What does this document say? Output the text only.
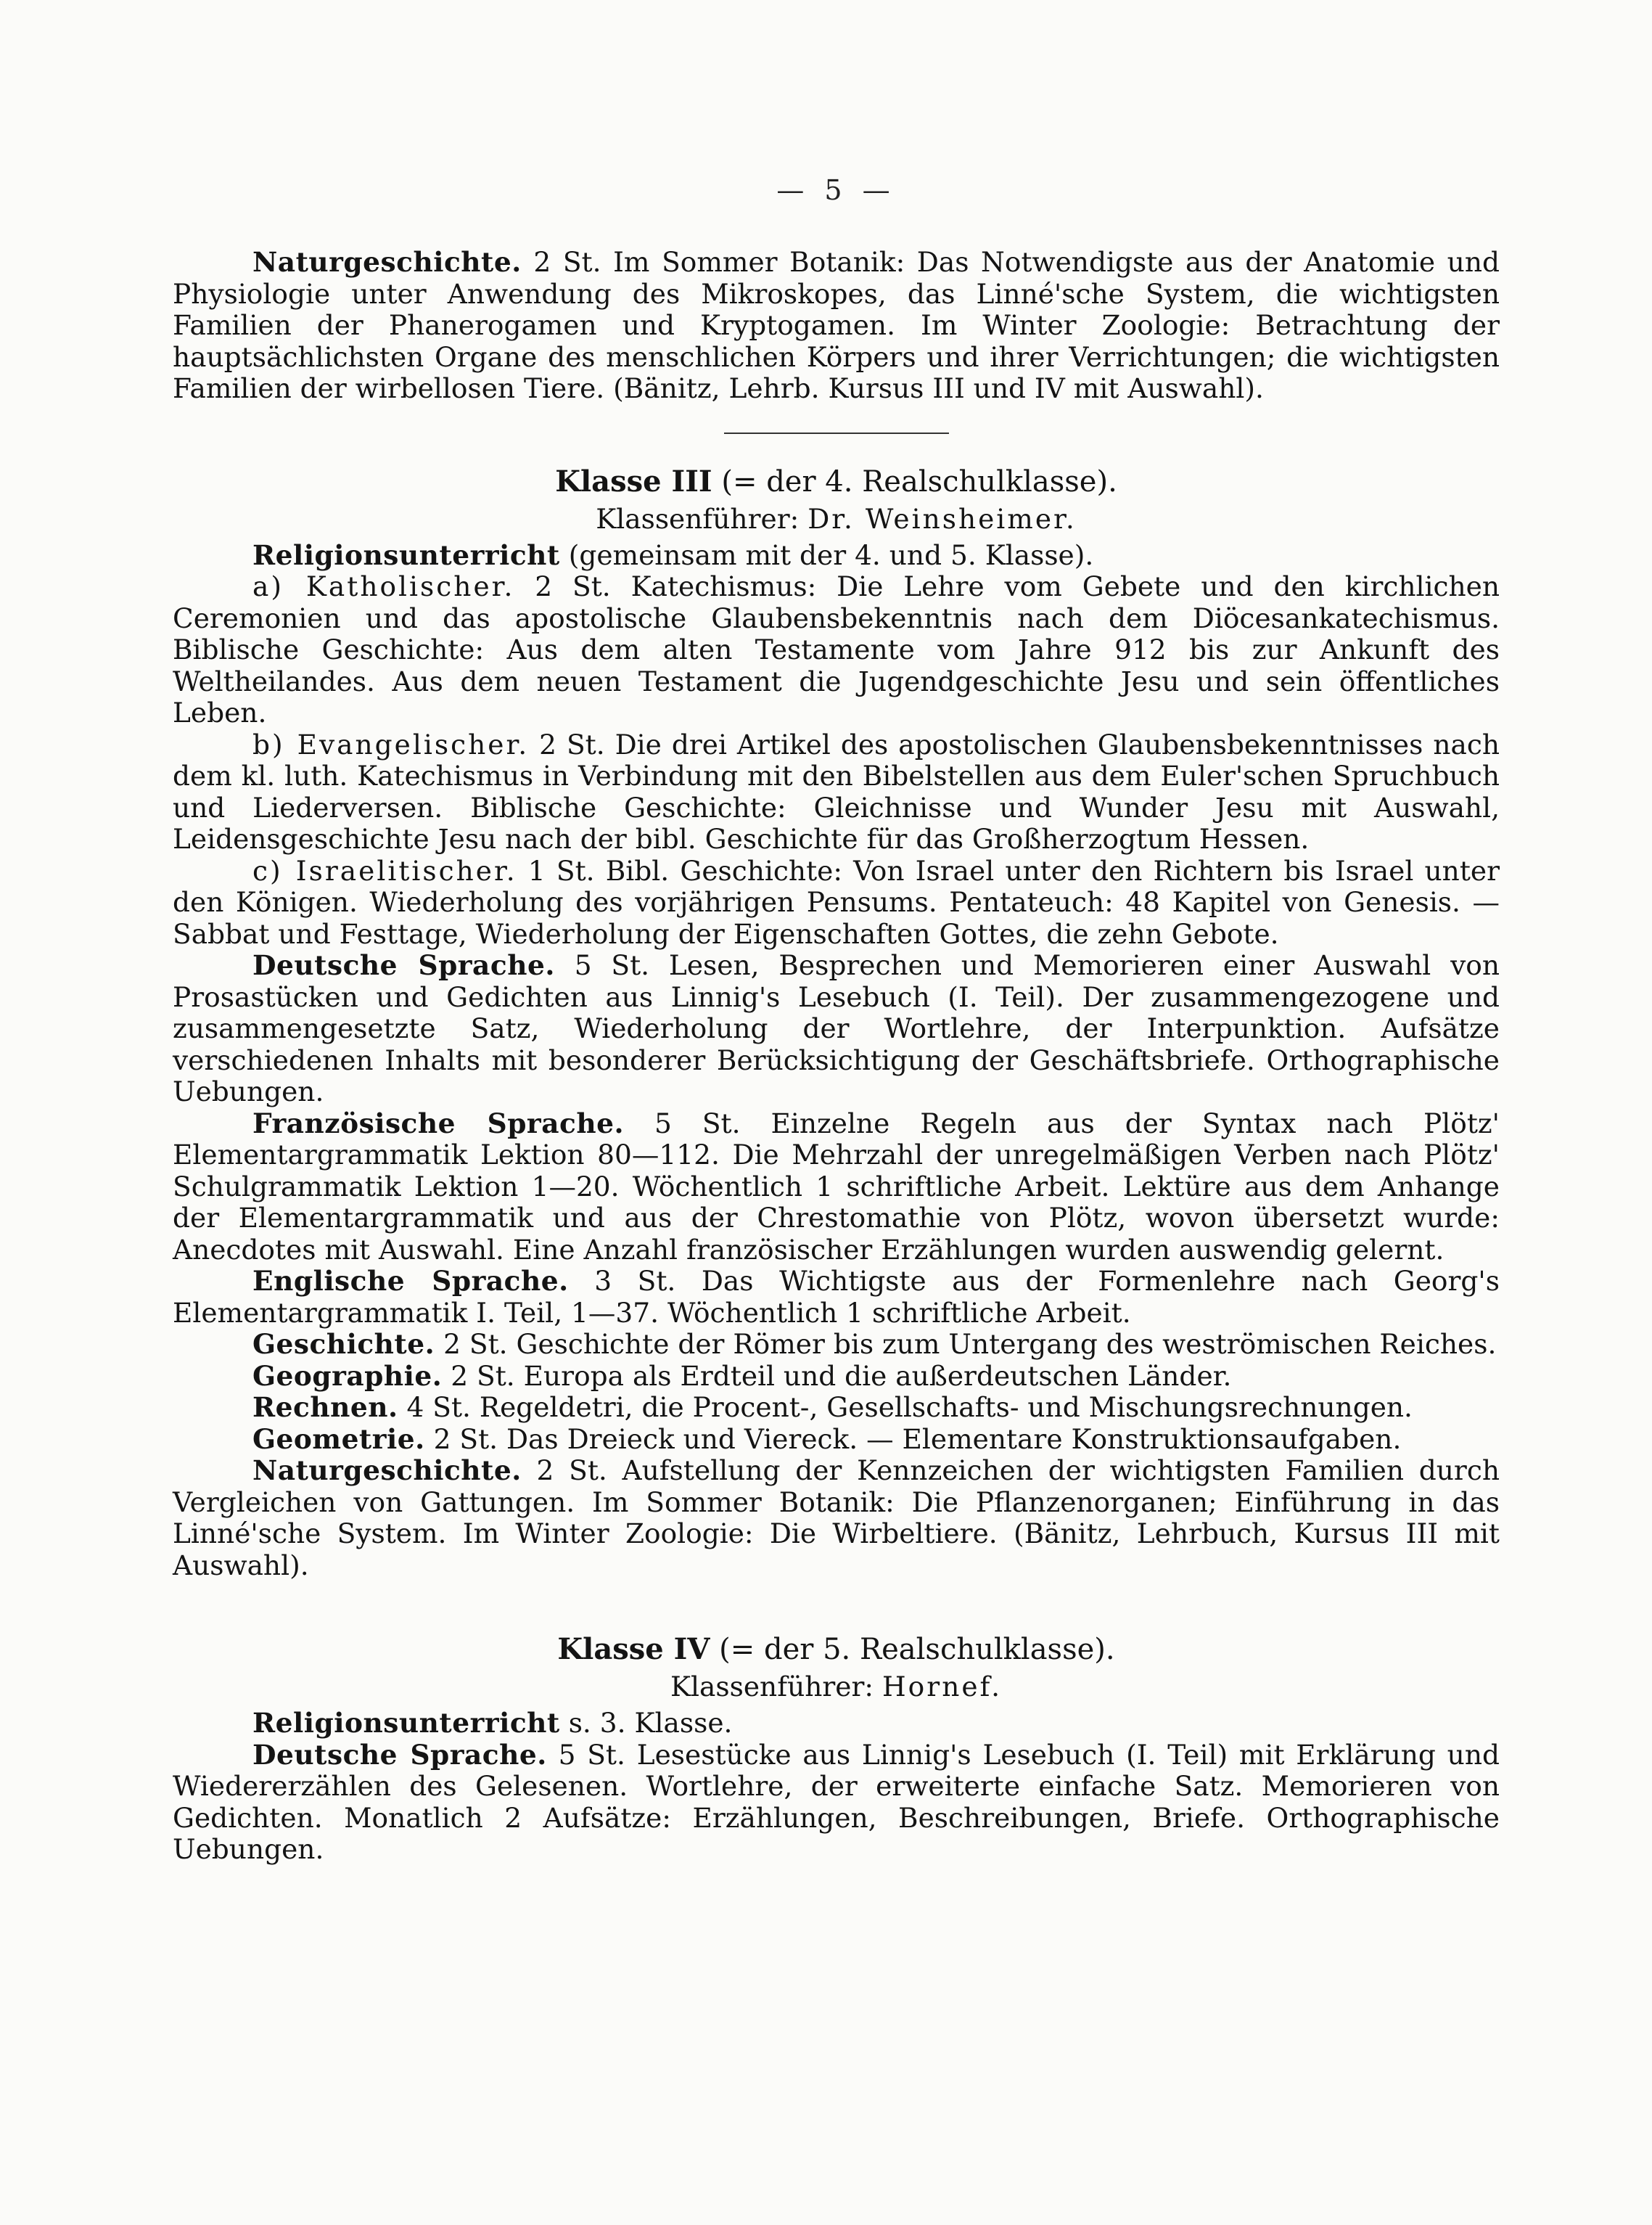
— 5 —

Naturgeschichte. 2 St. Im Sommer Botanik: Das Notwendigste aus der Anatomie und Physiologie unter Anwendung des Mikroskopes, das Linné'sche System, die wichtigsten Familien der Phanerogamen und Kryptogamen. Im Winter Zoologie: Betrachtung der hauptsächlichsten Organe des menschlichen Körpers und ihrer Verrichtungen; die wichtigsten Familien der wirbellosen Tiere. (Bänitz, Lehrb. Kursus III und IV mit Auswahl).

Klasse III (= der 4. Realschulklasse).
Klassenführer: Dr. Weinsheimer.

Religionsunterricht (gemeinsam mit der 4. und 5. Klasse).

a) Katholischer. 2 St. Katechismus: Die Lehre vom Gebete und den kirchlichen Ceremonien und das apostolische Glaubensbekenntnis nach dem Diöcesankatechismus. Biblische Geschichte: Aus dem alten Testamente vom Jahre 912 bis zur Ankunft des Weltheilandes. Aus dem neuen Testament die Jugendgeschichte Jesu und sein öffentliches Leben.

b) Evangelischer. 2 St. Die drei Artikel des apostolischen Glaubensbekenntnisses nach dem kl. luth. Katechismus in Verbindung mit den Bibelstellen aus dem Euler'schen Spruchbuch und Liederversen. Biblische Geschichte: Gleichnisse und Wunder Jesu mit Auswahl, Leidensgeschichte Jesu nach der bibl. Geschichte für das Großherzogtum Hessen.

c) Israelitischer. 1 St. Bibl. Geschichte: Von Israel unter den Richtern bis Israel unter den Königen. Wiederholung des vorjährigen Pensums. Pentateuch: 48 Kapitel von Genesis. — Sabbat und Festtage, Wiederholung der Eigenschaften Gottes, die zehn Gebote.

Deutsche Sprache. 5 St. Lesen, Besprechen und Memorieren einer Auswahl von Prosastücken und Gedichten aus Linnig's Lesebuch (I. Teil). Der zusammengezogene und zusammengesetzte Satz, Wiederholung der Wortlehre, der Interpunktion. Aufsätze verschiedenen Inhalts mit besonderer Berücksichtigung der Geschäftsbriefe. Orthographische Uebungen.

Französische Sprache. 5 St. Einzelne Regeln aus der Syntax nach Plötz' Elementargrammatik Lektion 80—112. Die Mehrzahl der unregelmäßigen Verben nach Plötz' Schulgrammatik Lektion 1—20. Wöchentlich 1 schriftliche Arbeit. Lektüre aus dem Anhange der Elementargrammatik und aus der Chrestomathie von Plötz, wovon übersetzt wurde: Anecdotes mit Auswahl. Eine Anzahl französischer Erzählungen wurden auswendig gelernt.

Englische Sprache. 3 St. Das Wichtigste aus der Formenlehre nach Georg's Elementargrammatik I. Teil, 1—37. Wöchentlich 1 schriftliche Arbeit.

Geschichte. 2 St. Geschichte der Römer bis zum Untergang des weströmischen Reiches.

Geographie. 2 St. Europa als Erdteil und die außerdeutschen Länder.

Rechnen. 4 St. Regeldetri, die Procent-, Gesellschafts- und Mischungsrechnungen.

Geometrie. 2 St. Das Dreieck und Viereck. — Elementare Konstruktionsaufgaben.

Naturgeschichte. 2 St. Aufstellung der Kennzeichen der wichtigsten Familien durch Vergleichen von Gattungen. Im Sommer Botanik: Die Pflanzenorganen; Einführung in das Linné'sche System. Im Winter Zoologie: Die Wirbeltiere. (Bänitz, Lehrbuch, Kursus III mit Auswahl).

Klasse IV (= der 5. Realschulklasse).
Klassenführer: Hornef.

Religionsunterricht s. 3. Klasse.

Deutsche Sprache. 5 St. Lesestücke aus Linnig's Lesebuch (I. Teil) mit Erklärung und Wiedererzählen des Gelesenen. Wortlehre, der erweiterte einfache Satz. Memorieren von Gedichten. Monatlich 2 Aufsätze: Erzählungen, Beschreibungen, Briefe. Orthographische Uebungen.
